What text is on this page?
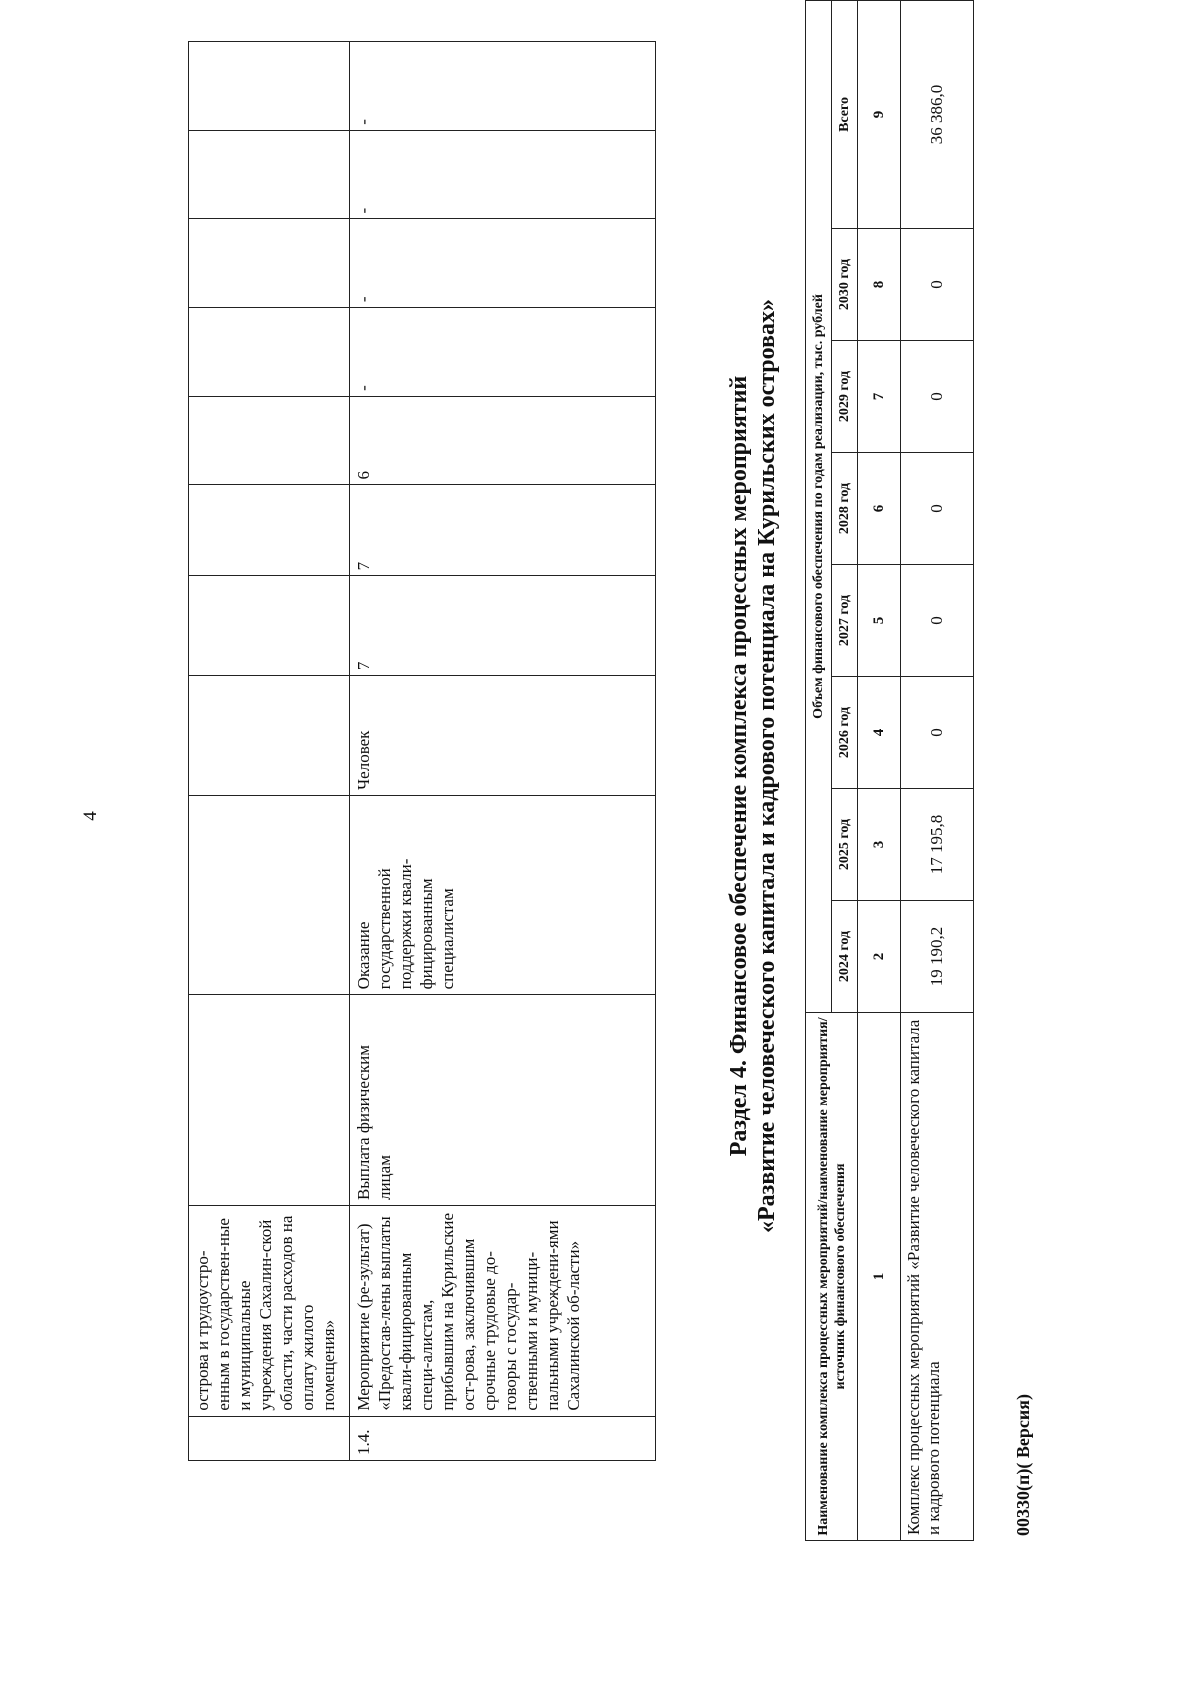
4
	острова и трудоустро-енным в государствен-ные и муниципальные учреждения Сахалин-ской области, части расходов на оплату жилого помещения»										
1.4.	Мероприятие (ре-зультат) «Предостав-лены выплаты квали-фицированным специ-алистам, прибывшим на Курильские ост-рова, заключившим срочные трудовые до-говоры с государ-ственными и муници-пальными учреждени-ями Сахалинской об-ласти»	Выплата физическим лицам	Оказание государственной поддержки квали-фицированным специалистам	Человек	7	7	6	-	-	-	-
Раздел 4. Финансовое обеспечение комплекса процессных мероприятий «Развитие человеческого капитала и кадрового потенциала на Курильских островах»
Наименование комплекса процессных мероприятий/наименование мероприятия/источник финансового обеспечения	Объем финансового обеспечения по годам реализации, тыс. рублей							
	2024 год	2025 год	2026 год	2027 год	2028 год	2029 год	2030 год	Всего
1	2	3	4	5	6	7	8	9
Комплекс процессных мероприятий «Развитие человеческого капитала и кадрового потенциала	19 190,2	17 195,8	0	0	0	0	0	36 386,0
00330(п)( Версия)
